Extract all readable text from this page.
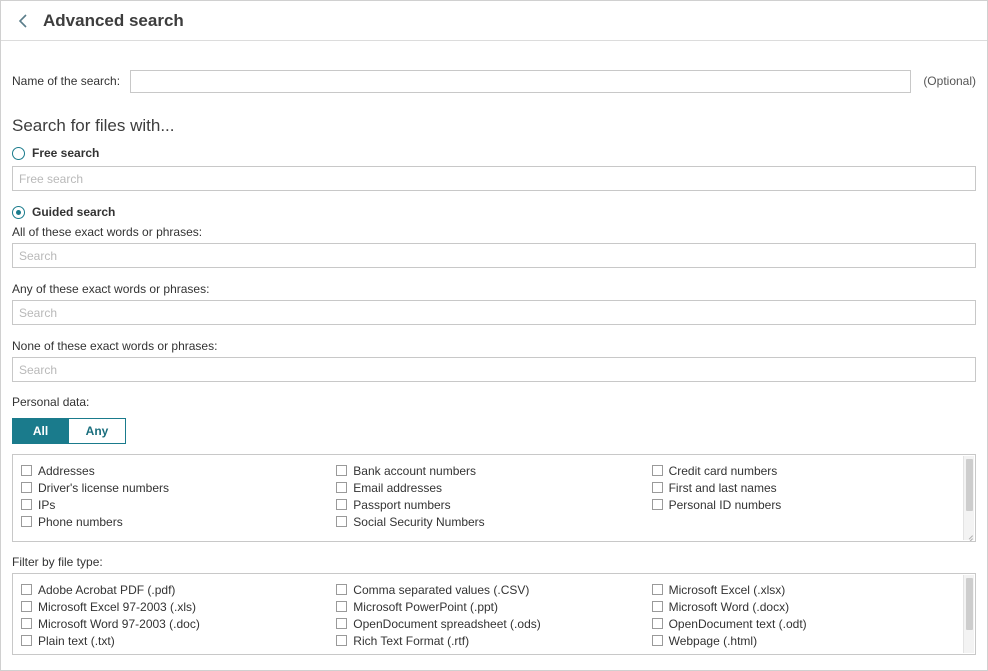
Advanced search
Name of the search:	(Optional)
Search for files with...
Free search
Free search
Guided search
All of these exact words or phrases:
Search
Any of these exact words or phrases:
Search
None of these exact words or phrases:
Search
Personal data:
All	Any
Addresses
Driver's license numbers
IPs
Phone numbers
Bank account numbers
Email addresses
Passport numbers
Social Security Numbers
Credit card numbers
First and last names
Personal ID numbers
Filter by file type:
Adobe Acrobat PDF (.pdf)
Microsoft Excel 97-2003 (.xls)
Microsoft Word 97-2003 (.doc)
Plain text (.txt)
Comma separated values (.CSV)
Microsoft PowerPoint (.ppt)
OpenDocument spreadsheet (.ods)
Rich Text Format (.rtf)
Microsoft Excel (.xlsx)
Microsoft Word (.docx)
OpenDocument text (.odt)
Webpage (.html)
